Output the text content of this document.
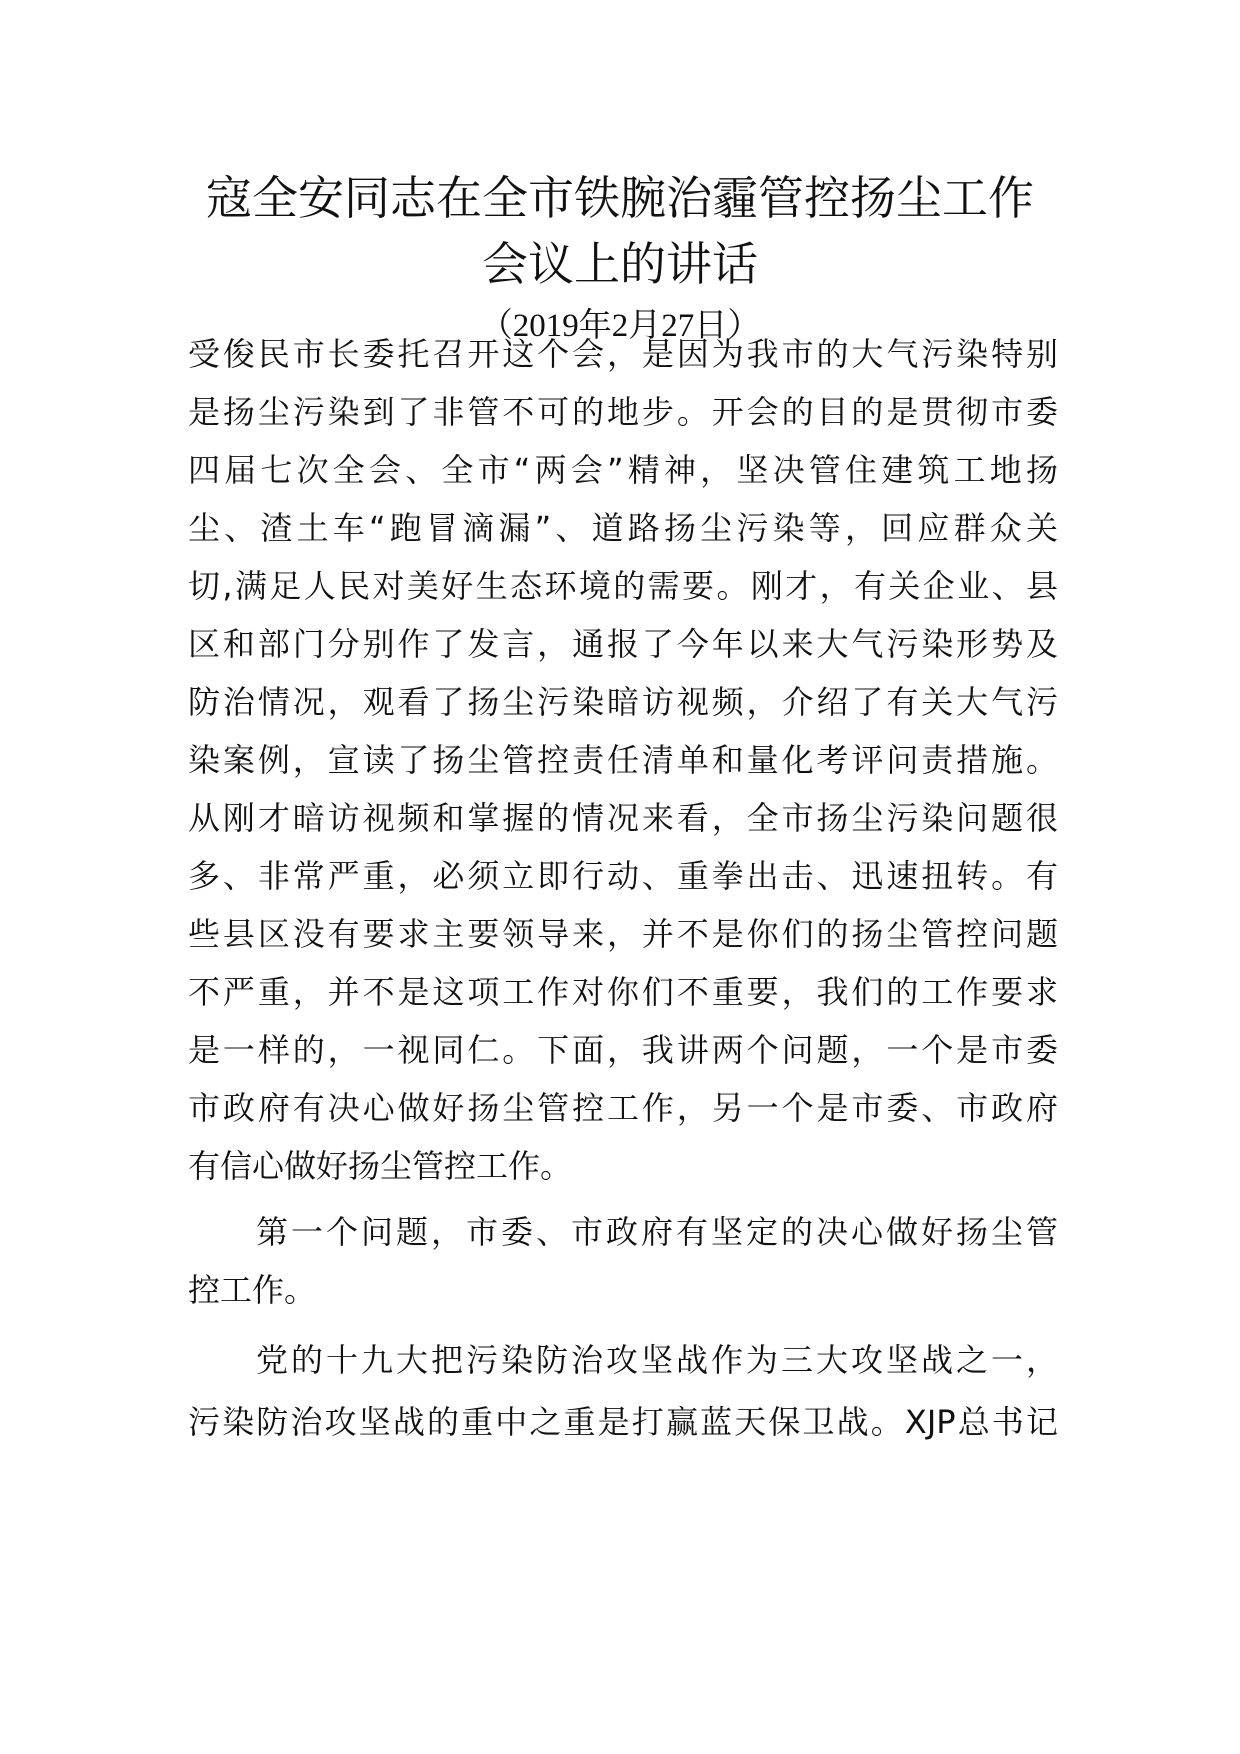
寇全安同志在全市铁腕治霾管控扬尘工作
会议上的讲话
（2019年2月27日）
受俊民市长委托召开这个会，是因为我市的大气污染特别
是扬尘污染到了非管不可的地步。开会的目的是贯彻市委
四届七次全会、全市“两会”精神，坚决管住建筑工地扬
尘、渣土车“跑冒滴漏”、道路扬尘污染等，回应群众关
切,满足人民对美好生态环境的需要。刚才，有关企业、县
区和部门分别作了发言，通报了今年以来大气污染形势及
防治情况，观看了扬尘污染暗访视频，介绍了有关大气污
染案例，宣读了扬尘管控责任清单和量化考评问责措施。
从刚才暗访视频和掌握的情况来看，全市扬尘污染问题很
多、非常严重，必须立即行动、重拳出击、迅速扭转。有
些县区没有要求主要领导来，并不是你们的扬尘管控问题
不严重，并不是这项工作对你们不重要，我们的工作要求
是一样的，一视同仁。下面，我讲两个问题，一个是市委
市政府有决心做好扬尘管控工作，另一个是市委、市政府
有信心做好扬尘管控工作。
第一个问题，市委、市政府有坚定的决心做好扬尘管
控工作。
党的十九大把污染防治攻坚战作为三大攻坚战之一，
污染防治攻坚战的重中之重是打赢蓝天保卫战。XJP总书记
